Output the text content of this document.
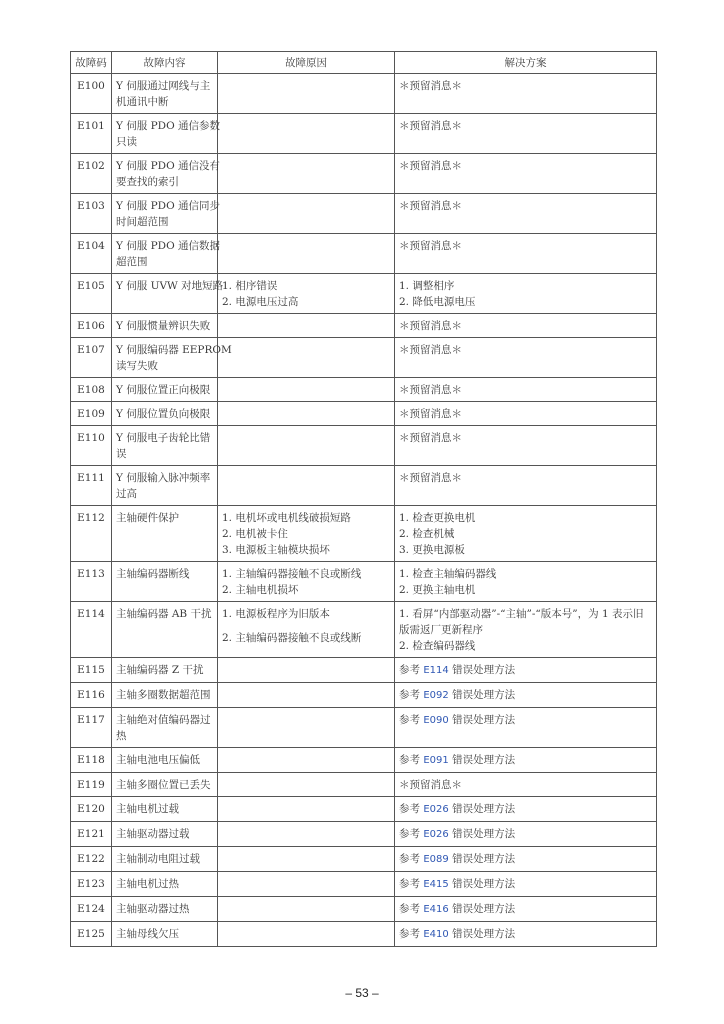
故障码	故障内容	故障原因	解决方案
E100	Y 伺服通过网线与主
机通讯中断		＊预留消息＊

E101	Y 伺服 PDO 通信参数
只读		＊预留消息＊

E102	Y 伺服 PDO 通信没有
要查找的索引		＊预留消息＊

E103	Y 伺服 PDO 通信同步
时间超范围		＊预留消息＊

E104	Y 伺服 PDO 通信数据
超范围		＊预留消息＊

E105	Y 伺服 UVW 对地短路	1. 相序错误
2. 电源电压过高	1. 调整相序
2. 降低电源电压

E106	Y 伺服惯量辨识失败		＊预留消息＊

E107	Y 伺服编码器 EEPROM
读写失败		＊预留消息＊

E108	Y 伺服位置正向极限		＊预留消息＊

E109	Y 伺服位置负向极限		＊预留消息＊

E110	Y 伺服电子齿轮比错
误		＊预留消息＊

E111	Y 伺服输入脉冲频率
过高		＊预留消息＊

E112	主轴硬件保护	1. 电机坏或电机线破损短路
2. 电机被卡住
3. 电源板主轴模块损坏	1. 检查更换电机
2. 检查机械
3. 更换电源板

E113	主轴编码器断线	1. 主轴编码器接触不良或断线
2. 主轴电机损坏	1. 检查主轴编码器线
2. 更换主轴电机

E114	主轴编码器 AB 干扰	1. 电源板程序为旧版本
2. 主轴编码器接触不良或线断	1. 看屏“内部驱动器”-“主轴”-“版本号”，为 1 表示旧版需返厂更新程序
2. 检查编码器线

E115	主轴编码器 Z 干扰		参考 E114 错误处理方法

E116	主轴多圈数据超范围		参考 E092 错误处理方法

E117	主轴绝对值编码器过
热		参考 E090 错误处理方法

E118	主轴电池电压偏低		参考 E091 错误处理方法

E119	主轴多圈位置已丢失		＊预留消息＊

E120	主轴电机过载		参考 E026 错误处理方法

E121	主轴驱动器过载		参考 E026 错误处理方法

E122	主轴制动电阻过载		参考 E089 错误处理方法

E123	主轴电机过热		参考 E415 错误处理方法

E124	主轴驱动器过热		参考 E416 错误处理方法

E125	主轴母线欠压		参考 E410 错误处理方法
– 53 –
